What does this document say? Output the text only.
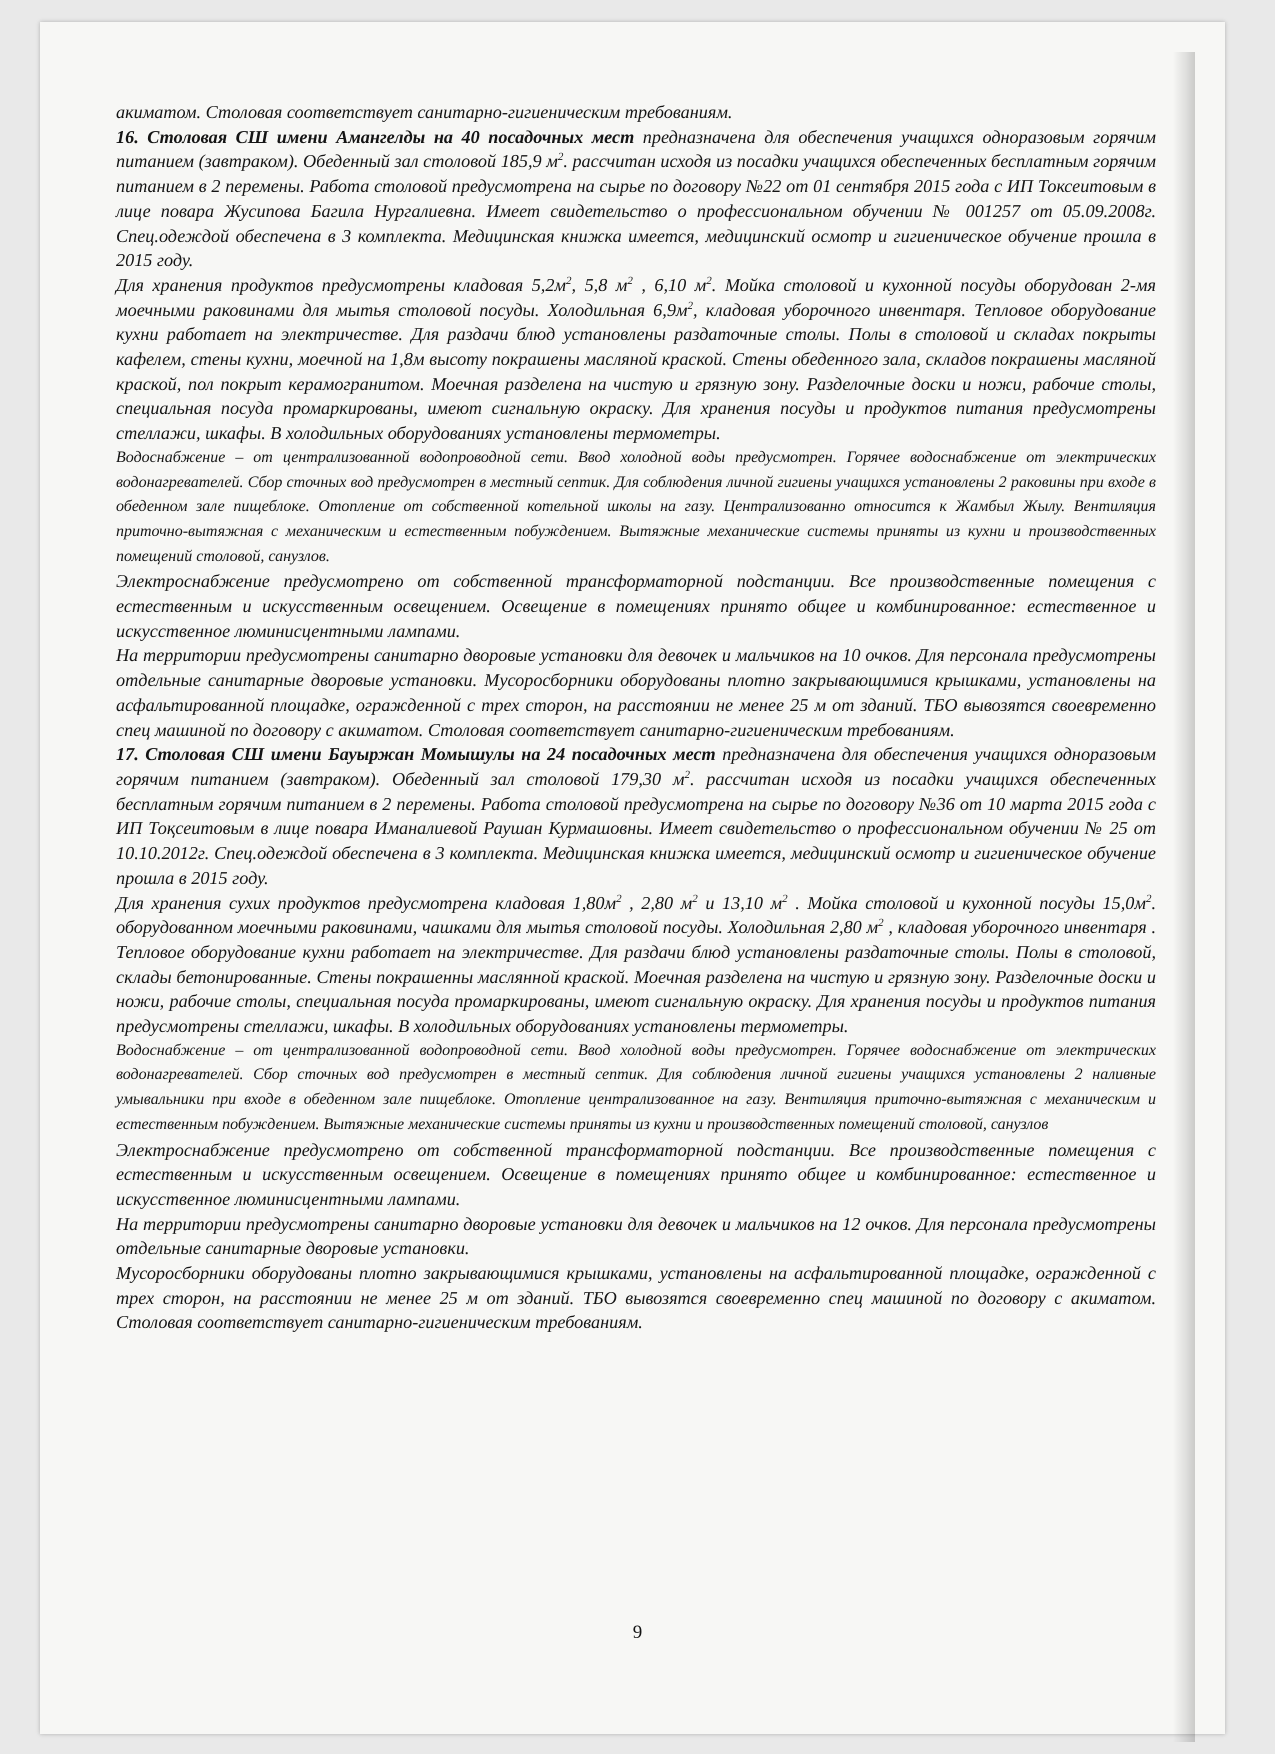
акиматом. Столовая соответствует санитарно-гигиеническим требованиям.

16. Столовая СШ имени Амангелды на 40 посадочных мест предназначена для обеспечения учащихся одноразовым горячим питанием (завтраком). Обеденный зал столовой 185,9 $м^2$. рассчитан исходя из посадки учащихся обеспеченных бесплатным горячим питанием в 2 перемены. Работа столовой предусмотрена на сырье по договору №22 от 01 сентября 2015 года с ИП Токсеитовым в лице повара Жусипова Багила Нургалиевна. Имеет свидетельство о профессиональном обучении № 001257 от 05.09.2008г. Спец.одеждой обеспечена в 3 комплекта. Медицинская книжка имеется, медицинский осмотр и гигиеническое обучение прошла в 2015 году.

Для хранения продуктов предусмотрены кладовая $5,2м^2$, 5,8 $м^2$ , 6,10 $м^2$. Мойка столовой и кухонной посуды оборудован 2-мя моечными раковинами для мытья столовой посуды. Холодильная $6,9м^2$, кладовая уборочного инвентаря. Тепловое оборудование кухни работает на электричестве. Для раздачи блюд установлены раздаточные столы. Полы в столовой и складах покрыты кафелем, стены кухни, моечной на 1,8м высоту покрашены масляной краской. Стены обеденного зала, складов покрашены масляной краской, пол покрыт керамогранитом. Моечная разделена на чистую и грязную зону. Разделочные доски и ножи, рабочие столы, специальная посуда промаркированы, имеют сигнальную окраску. Для хранения посуды и продуктов питания предусмотрены стеллажи, шкафы. В холодильных оборудованиях установлены термометры.

Водоснабжение – от централизованной водопроводной сети. Ввод холодной воды предусмотрен. Горячее водоснабжение от электрических водонагревателей. Сбор сточных вод предусмотрен в местный септик. Для соблюдения личной гигиены учащихся установлены 2 раковины при входе в обеденном зале пищеблоке. Отопление от собственной котельной школы на газу. Централизованно относится к Жамбыл Жылу. Вентиляция приточно-вытяжная с механическим и естественным побуждением. Вытяжные механические системы приняты из кухни и производственных помещений столовой, санузлов.

Электроснабжение предусмотрено от собственной трансформаторной подстанции. Все производственные помещения с естественным и искусственным освещением. Освещение в помещениях принято общее и комбинированное: естественное и искусственное люминисцентными лампами.

На территории предусмотрены санитарно дворовые установки для девочек и мальчиков на 10 очков. Для персонала предусмотрены отдельные санитарные дворовые установки. Мусоросборники оборудованы плотно закрывающимися крышками, установлены на асфальтированной площадке, огражденной с трех сторон, на расстоянии не менее 25 м от зданий. ТБО вывозятся своевременно спец машиной по договору с акиматом. Столовая соответствует санитарно-гигиеническим требованиям.

17. Столовая СШ имени Бауыржан Момышулы на 24 посадочных мест предназначена для обеспечения учащихся одноразовым горячим питанием (завтраком). Обеденный зал столовой 179,30 $м^2$. рассчитан исходя из посадки учащихся обеспеченных бесплатным горячим питанием в 2 перемены. Работа столовой предусмотрена на сырье по договору №36 от 10 марта 2015 года с ИП Тоқсеитовым в лице повара Иманалиевой Раушан Курмашовны. Имеет свидетельство о профессиональном обучении № 25 от 10.10.2012г. Спец.одеждой обеспечена в 3 комплекта. Медицинская книжка имеется, медицинский осмотр и гигиеническое обучение прошла в 2015 году.

Для хранения сухих продуктов предусмотрена кладовая $1,80м^2$ , 2,80 $м^2$ и 13,10 $м^2$ . Мойка столовой и кухонной посуды $15,0м^2$. оборудованном моечными раковинами, чашками для мытья столовой посуды. Холодильная 2,80 $м^2$ , кладовая уборочного инвентаря . Тепловое оборудование кухни работает на электричестве. Для раздачи блюд установлены раздаточные столы. Полы в столовой, склады бетонированные. Стены покрашенны маслянной краской. Моечная разделена на чистую и грязную зону. Разделочные доски и ножи, рабочие столы, специальная посуда промаркированы, имеют сигнальную окраску. Для хранения посуды и продуктов питания предусмотрены стеллажи, шкафы. В холодильных оборудованиях установлены термометры.

Водоснабжение – от централизованной водопроводной сети. Ввод холодной воды предусмотрен. Горячее водоснабжение от электрических водонагревателей. Сбор сточных вод предусмотрен в местный септик. Для соблюдения личной гигиены учащихся установлены 2 наливные умывальники при входе в обеденном зале пищеблоке. Отопление централизованное на газу. Вентиляция приточно-вытяжная с механическим и естественным побуждением. Вытяжные механические системы приняты из кухни и производственных помещений столовой, санузлов

Электроснабжение предусмотрено от собственной трансформаторной подстанции. Все производственные помещения с естественным и искусственным освещением. Освещение в помещениях принято общее и комбинированное: естественное и искусственное люминисцентными лампами.

На территории предусмотрены санитарно дворовые установки для девочек и мальчиков на 12 очков. Для персонала предусмотрены отдельные санитарные дворовые установки.

Мусоросборники оборудованы плотно закрывающимися крышками, установлены на асфальтированной площадке, огражденной с трех сторон, на расстоянии не менее 25 м от зданий. ТБО вывозятся своевременно спец машиной по договору с акиматом. Столовая соответствует санитарно-гигиеническим требованиям.

9
